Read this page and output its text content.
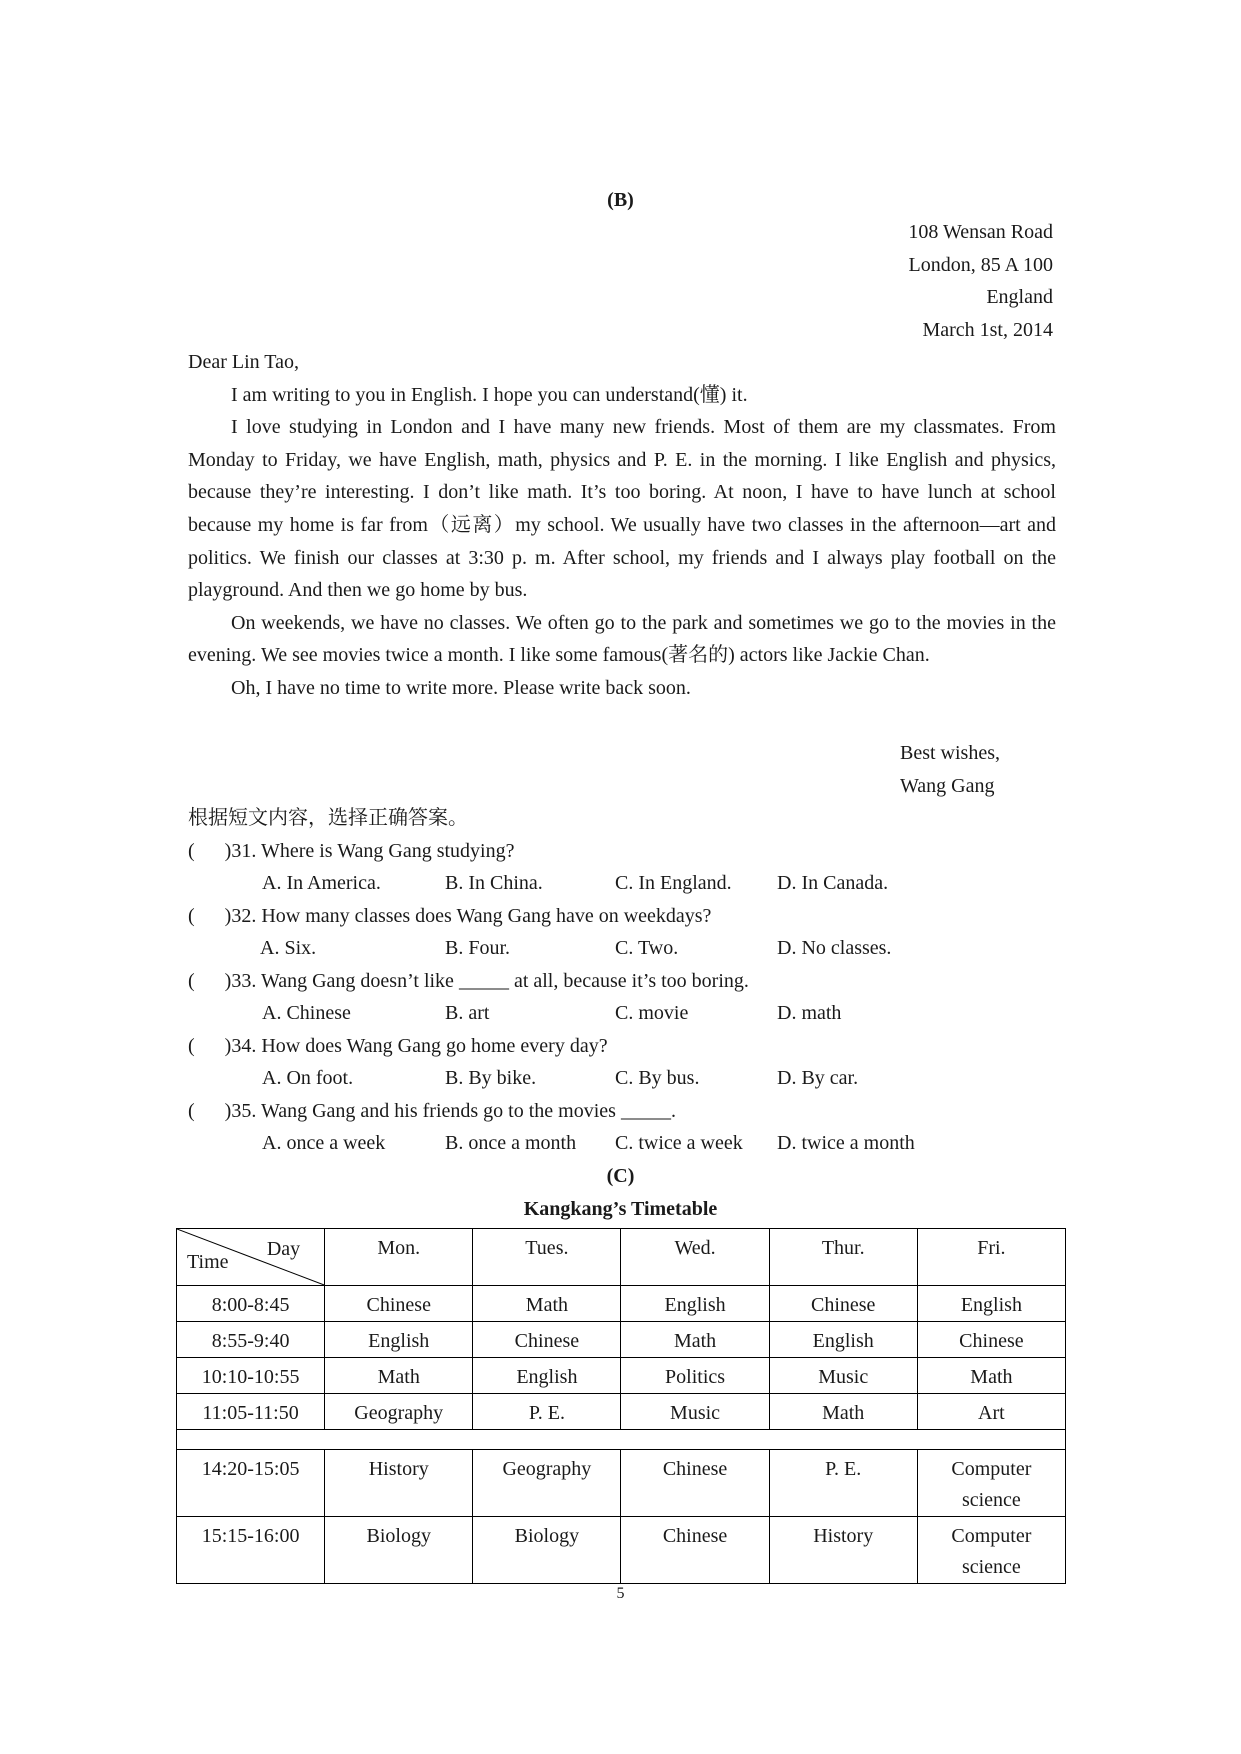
(B)
108 Wensan Road
London, 85 A 100
England
March 1st, 2014

Dear Lin Tao,

I am writing to you in English. I hope you can understand(懂) it.

I love studying in London and I have many new friends. Most of them are my classmates. From Monday to Friday, we have English, math, physics and P. E. in the morning. I like English and physics, because they’re interesting. I don’t like math. It’s too boring. At noon, I have to have lunch at school because my home is far from（远离）my school. We usually have two classes in the afternoon—art and politics. We finish our classes at 3:30 p. m. After school, my friends and I always play football on the playground. And then we go home by bus.

On weekends, we have no classes. We often go to the park and sometimes we go to the movies in the evening. We see movies twice a month. I like some famous(著名的) actors like Jackie Chan.

Oh, I have no time to write more. Please write back soon.

Best wishes,
Wang Gang
根据短文内容，选择正确答案。
(      )31. Where is Wang Gang studying?
A. In America.	B. In China.	C. In England. D. In Canada.
(      )32. How many classes does Wang Gang have on weekdays?
A. Six.	B. Four.	C. Two.	D. No classes.
(      )33. Wang Gang doesn’t like _____ at all, because it’s too boring.
A. Chinese	B. art	C. movie	D. math
(      )34. How does Wang Gang go home every day?
A. On foot.	B. By bike.	C. By bus.	D. By car.
(      )35. Wang Gang and his friends go to the movies _____.
A. once a week	B. once a month C. twice a week D. twice a month
(C)
Kangkang’s Timetable
Day
Time	Mon.	Tues.	Wed.	Thur.	Fri.
8:00-8:45	Chinese	Math	English	Chinese	English
8:55-9:40	English	Chinese	Math	English	Chinese
10:10-10:55	Math	English	Politics	Music	Math
11:05-11:50	Geography	P. E.	Music	Math	Art

14:20-15:05	History	Geography	Chinese	P. E.	Computer science
15:15-16:00	Biology	Biology	Chinese	History	Computer science
5
